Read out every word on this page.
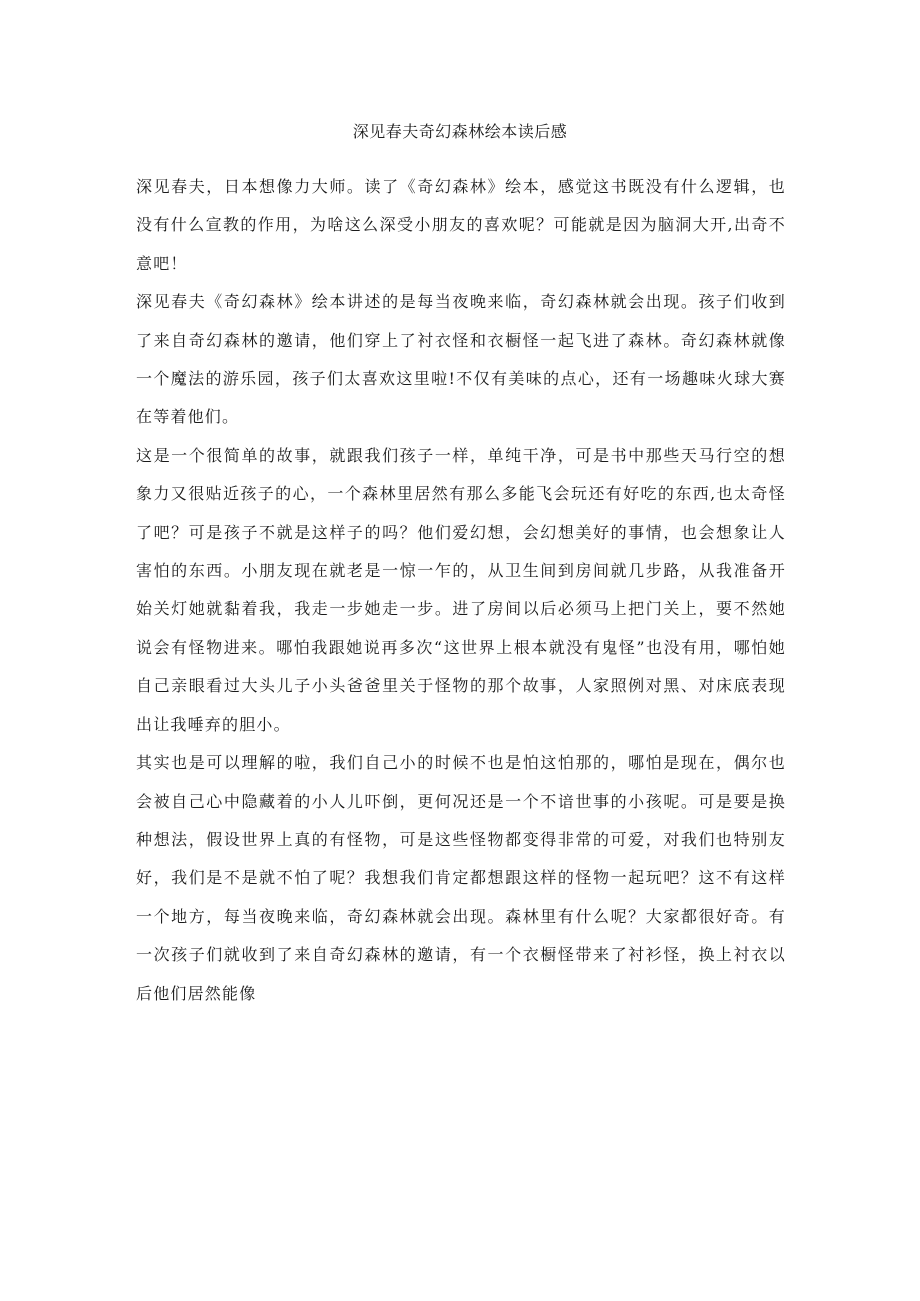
深见春夫奇幻森林绘本读后感

深见春夫，日本想像力大师。读了《奇幻森林》绘本，感觉这书既没有什么逻辑，也没有什么宣教的作用，为啥这么深受小朋友的喜欢呢？可能就是因为脑洞大开,出奇不意吧！

深见春夫《奇幻森林》绘本讲述的是每当夜晚来临，奇幻森林就会出现。孩子们收到了来自奇幻森林的邀请，他们穿上了衬衣怪和衣橱怪一起飞进了森林。奇幻森林就像一个魔法的游乐园，孩子们太喜欢这里啦!不仅有美味的点心，还有一场趣味火球大赛在等着他们。

这是一个很简单的故事，就跟我们孩子一样，单纯干净，可是书中那些天马行空的想象力又很贴近孩子的心，一个森林里居然有那么多能飞会玩还有好吃的东西,也太奇怪了吧？可是孩子不就是这样子的吗？他们爱幻想，会幻想美好的事情，也会想象让人害怕的东西。小朋友现在就老是一惊一乍的，从卫生间到房间就几步路，从我准备开始关灯她就黏着我，我走一步她走一步。进了房间以后必须马上把门关上，要不然她说会有怪物进来。哪怕我跟她说再多次“这世界上根本就没有鬼怪”也没有用，哪怕她自己亲眼看过大头儿子小头爸爸里关于怪物的那个故事，人家照例对黑、对床底表现出让我唾弃的胆小。

其实也是可以理解的啦，我们自己小的时候不也是怕这怕那的，哪怕是现在，偶尔也会被自己心中隐藏着的小人儿吓倒，更何况还是一个不谙世事的小孩呢。可是要是换种想法，假设世界上真的有怪物，可是这些怪物都变得非常的可爱，对我们也特别友好，我们是不是就不怕了呢？我想我们肯定都想跟这样的怪物一起玩吧？这不有这样一个地方，每当夜晚来临，奇幻森林就会出现。森林里有什么呢？大家都很好奇。有一次孩子们就收到了来自奇幻森林的邀请，有一个衣橱怪带来了衬衫怪，换上衬衣以后他们居然能像
